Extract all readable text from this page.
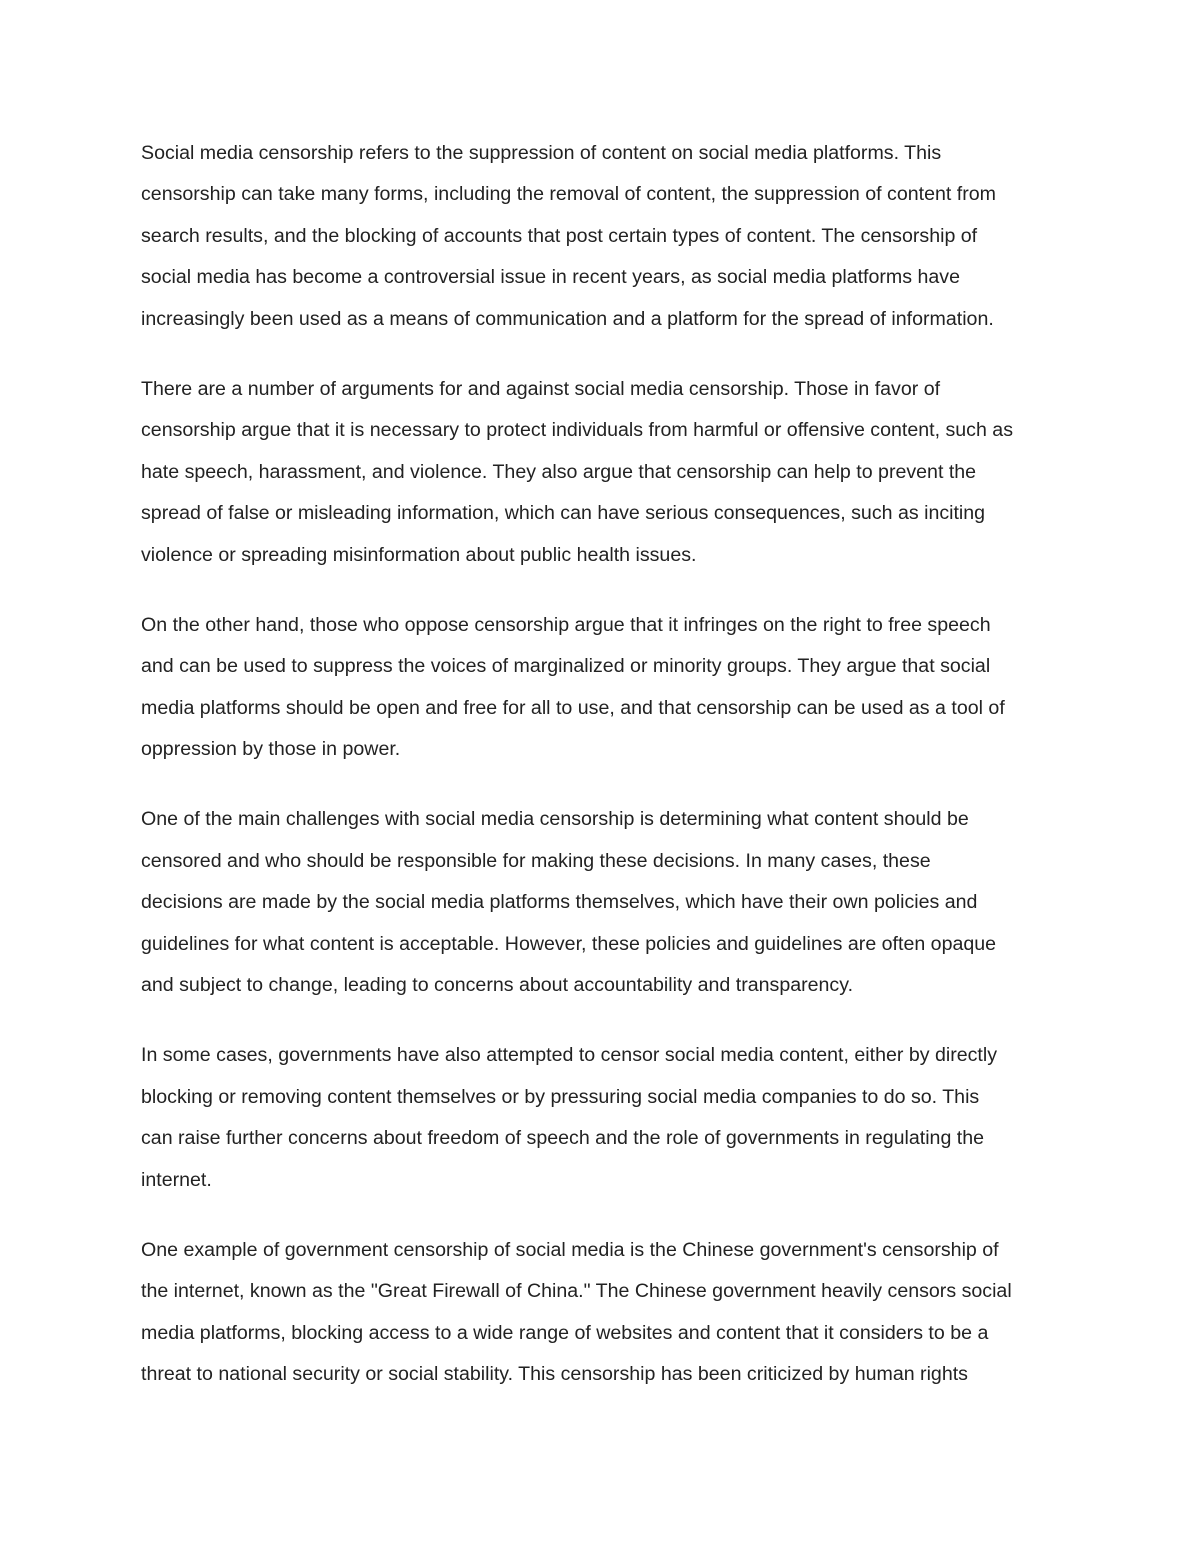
Social media censorship refers to the suppression of content on social media platforms. This
censorship can take many forms, including the removal of content, the suppression of content from
search results, and the blocking of accounts that post certain types of content. The censorship of
social media has become a controversial issue in recent years, as social media platforms have
increasingly been used as a means of communication and a platform for the spread of information.

There are a number of arguments for and against social media censorship. Those in favor of
censorship argue that it is necessary to protect individuals from harmful or offensive content, such as
hate speech, harassment, and violence. They also argue that censorship can help to prevent the
spread of false or misleading information, which can have serious consequences, such as inciting
violence or spreading misinformation about public health issues.

On the other hand, those who oppose censorship argue that it infringes on the right to free speech
and can be used to suppress the voices of marginalized or minority groups. They argue that social
media platforms should be open and free for all to use, and that censorship can be used as a tool of
oppression by those in power.

One of the main challenges with social media censorship is determining what content should be
censored and who should be responsible for making these decisions. In many cases, these
decisions are made by the social media platforms themselves, which have their own policies and
guidelines for what content is acceptable. However, these policies and guidelines are often opaque
and subject to change, leading to concerns about accountability and transparency.

In some cases, governments have also attempted to censor social media content, either by directly
blocking or removing content themselves or by pressuring social media companies to do so. This
can raise further concerns about freedom of speech and the role of governments in regulating the
internet.

One example of government censorship of social media is the Chinese government's censorship of
the internet, known as the "Great Firewall of China." The Chinese government heavily censors social
media platforms, blocking access to a wide range of websites and content that it considers to be a
threat to national security or social stability. This censorship has been criticized by human rights
